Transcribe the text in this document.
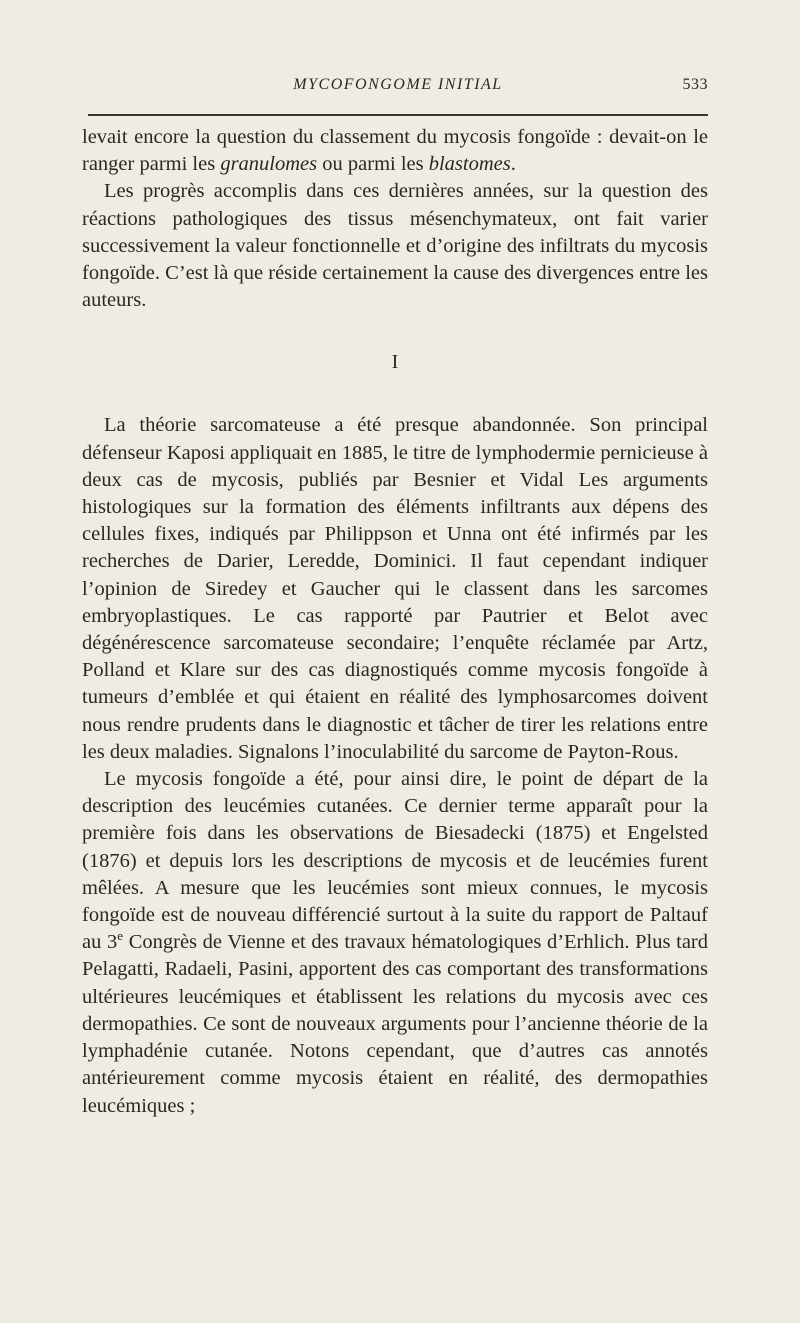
MYCOFONGOME INITIAL	533

levait encore la question du classement du mycosis fongoïde : devait-on le ranger parmi les granulomes ou parmi les blastomes.

Les progrès accomplis dans ces dernières années, sur la question des réactions pathologiques des tissus mésenchymateux, ont fait varier successivement la valeur fonctionnelle et d’origine des infiltrats du mycosis fongoïde. C’est là que réside certainement la cause des divergences entre les auteurs.

I

La théorie sarcomateuse a été presque abandonnée. Son principal défenseur Kaposi appliquait en 1885, le titre de lymphodermie pernicieuse à deux cas de mycosis, publiés par Besnier et Vidal Les arguments histologiques sur la formation des éléments infiltrants aux dépens des cellules fixes, indiqués par Philippson et Unna ont été infirmés par les recherches de Darier, Leredde, Dominici. Il faut cependant indiquer l’opinion de Siredey et Gaucher qui le classent dans les sarcomes embryoplastiques. Le cas rapporté par Pautrier et Belot avec dégénérescence sarcomateuse secondaire; l’enquête réclamée par Artz, Polland et Klare sur des cas diagnostiqués comme mycosis fongoïde à tumeurs d’emblée et qui étaient en réalité des lymphosarcomes doivent nous rendre prudents dans le diagnostic et tâcher de tirer les relations entre les deux maladies. Signalons l’inoculabilité du sarcome de Payton-Rous.

Le mycosis fongoïde a été, pour ainsi dire, le point de départ de la description des leucémies cutanées. Ce dernier terme apparaît pour la première fois dans les observations de Biesadecki (1875) et Engelsted (1876) et depuis lors les descriptions de mycosis et de leucémies furent mêlées. A mesure que les leucémies sont mieux connues, le mycosis fongoïde est de nouveau différencié surtout à la suite du rapport de Paltauf au 3e Congrès de Vienne et des travaux hématologiques d’Erhlich. Plus tard Pelagatti, Radaeli, Pasini, apportent des cas comportant des transformations ultérieures leucémiques et établissent les relations du mycosis avec ces dermopathies. Ce sont de nouveaux arguments pour l’ancienne théorie de la lymphadénie cutanée. Notons cependant, que d’autres cas annotés antérieurement comme mycosis étaient en réalité, des dermopathies leucémiques ;
